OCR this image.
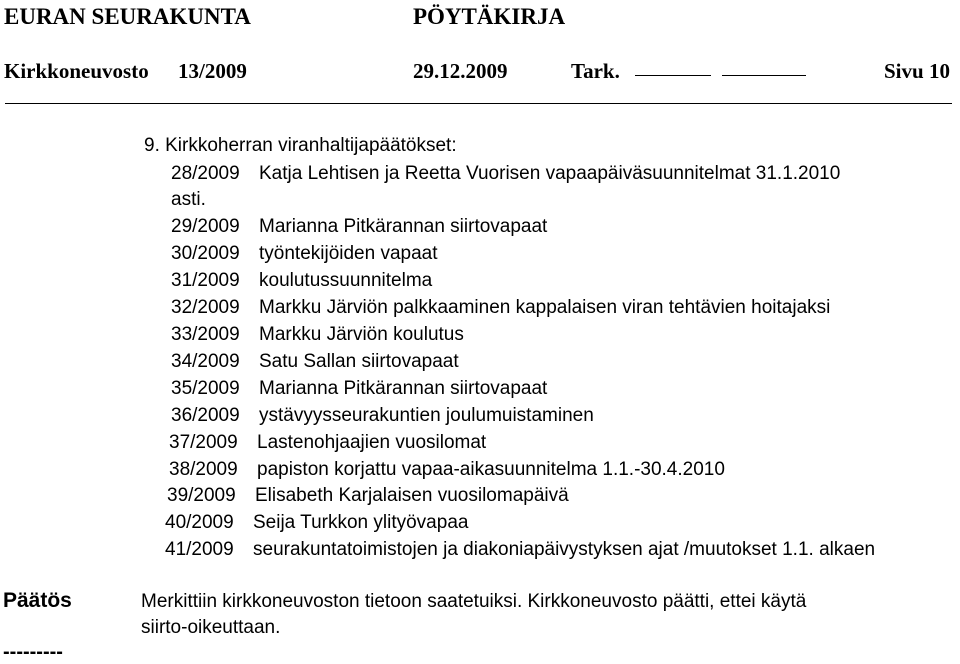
EURAN SEURAKUNTA	PÖYTÄKIRJA
Kirkkoneuvosto 13/2009	29.12.2009	Tark.	Sivu 10
9. Kirkkoherran viranhaltijapäätökset:
28/2009 Katja Lehtisen ja Reetta Vuorisen vapaapäiväsuunnitelmat 31.1.2010
asti.
29/2009 Marianna Pitkärannan siirtovapaat
30/2009 työntekijöiden vapaat
31/2009 koulutussuunnitelma
32/2009 Markku Järviön palkkaaminen kappalaisen viran tehtävien hoitajaksi
33/2009 Markku Järviön koulutus
34/2009 Satu Sallan siirtovapaat
35/2009 Marianna Pitkärannan siirtovapaat
36/2009 ystävyysseurakuntien joulumuistaminen
37/2009 Lastenohjaajien vuosilomat
38/2009 papiston korjattu vapaa-aikasuunnitelma 1.1.-30.4.2010
39/2009 Elisabeth Karjalaisen vuosilomapäivä
40/2009 Seija Turkkon ylityövapaa
41/2009 seurakuntatoimistojen ja diakoniapäivystyksen ajat /muutokset 1.1. alkaen
Päätös	Merkittiin kirkkoneuvoston tietoon saatetuiksi. Kirkkoneuvosto päätti, ettei käytä
siirto-oikeuttaan.
---------
